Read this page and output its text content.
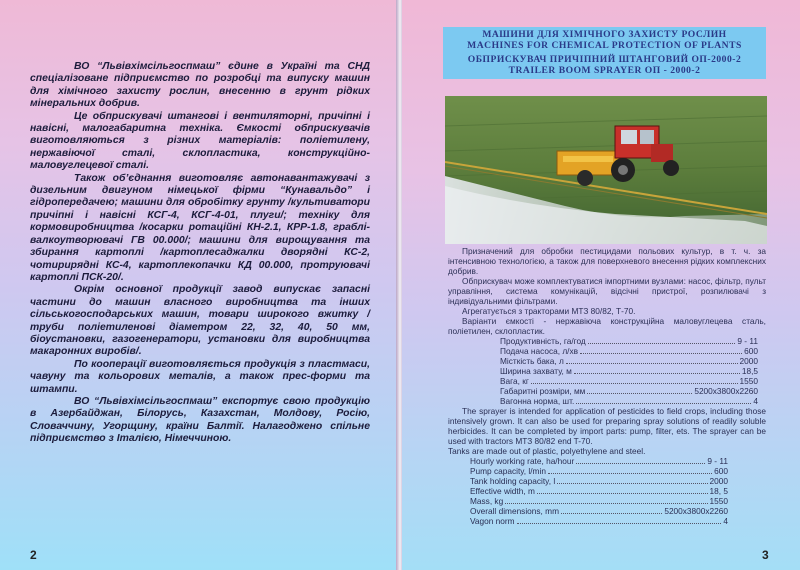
ВО “Львівхімсільгоспмаш” єдине в Україні та СНД спеціалізоване підприємство по розробці та випуску машин для хімічного захисту рослин, внесенню в грунт рідких мінеральних добрив.

Це обприскувачі штангові і вентиляторні, причіпні і навісні, малогабаритна техніка. Ємкості обприскувачів виготовляються з різних матеріалів: поліетилену, нержавіючої сталі, склопластика, конструкційно-маловуглецевої сталі.

Також об’єднання виготовляє автонавантажувачі з дизельним двигуном німецької фірми “Кунавальдо” і гідропередачею; машини для обробітку грунту /культиватори причіпні і навісні КСГ-4, КСГ-4-01, плуги/; техніку для кормовиробництва /косарки ротаційні КН-2.1, КРР-1.8, граблі-валкоутворювачі ГВ 00.000/; машини для вирощування та збирання картоплі /картоплесаджалки дворядні КС-2, чотирирядні КС-4, картоплекопачки КД 00.000, протруювачі картоплі ПСК-20/.

Окрім основної продукції завод випускає запасні частини до машин власного виробництва та інших сільськогосподарських машин, товари широкого вжитку /труби поліетиленові діаметром 22, 32, 40, 50 мм, біоустановки, газогенератори, установки для виробництва макаронних виробів/.

По кооперації виготовляється продукція з пластмаси, чавуну та кольорових металів, а також прес-форми та штампи.

ВО “Львівхімсільгоспмаш” експортує свою продукцію в Азербайджан, Білорусь, Казахстан, Молдову, Росію, Словаччину, Угорщину, країни Балтії. Налагоджено спільне підприємство з Італією, Німеччиною.

2
МАШИНИ ДЛЯ ХІМІЧНОГО ЗАХИСТУ РОСЛИН
MACHINES FOR CHEMICAL PROTECTION OF PLANTS
ОБПРИСКУВАЧ ПРИЧІПНИЙ ШТАНГОВИЙ ОП-2000-2
TRAILER BOOM SPRAYER ОП - 2000-2

Призначений для обробки пестицидами польових культур, в т. ч. за інтенсивною технологією, а також для поверхневого внесення рідких комплексних добрив.

Обприскувач може комплектуватися імпортними вузлами: насос, фільтр, пульт управління, система комунікацій, відсічні пристрої, розпилювачі з індивідуальними фільтрами.

Агрегатується з тракторами МТЗ 80/82, Т-70.

Варіанти ємкості - нержавіюча конструкційна маловуглецева сталь, поліетилен, склопластик.

Продуктивність, га/год	9 - 11
Подача насоса, л/хв	600
Місткість бака, л	2000
Ширина захвату, м	18,5
Вага, кг	1550
Габаритні розміри, мм	5200х3800х2260
Вагонна норма, шт.	4

The sprayer is intended for application of pesticides to field crops, including those intensively grown. It can also be used for preparing spray solutions of readily soluble herbicides. It can be completed by import parts: pump, filter, ets. The sprayer can be used with tractors МТЗ 80/82 end T-70.

Tanks are made out of plastic, polyethylene and steel.

Hourly working rate, ha/hour	9 - 11
Pump capacity, l/min	600
Tank holding capacity, l	2000
Effective width, m	18, 5
Mass, kg	1550
Overall dimensions, mm	5200х3800х2260
Vagon norm	4
3
